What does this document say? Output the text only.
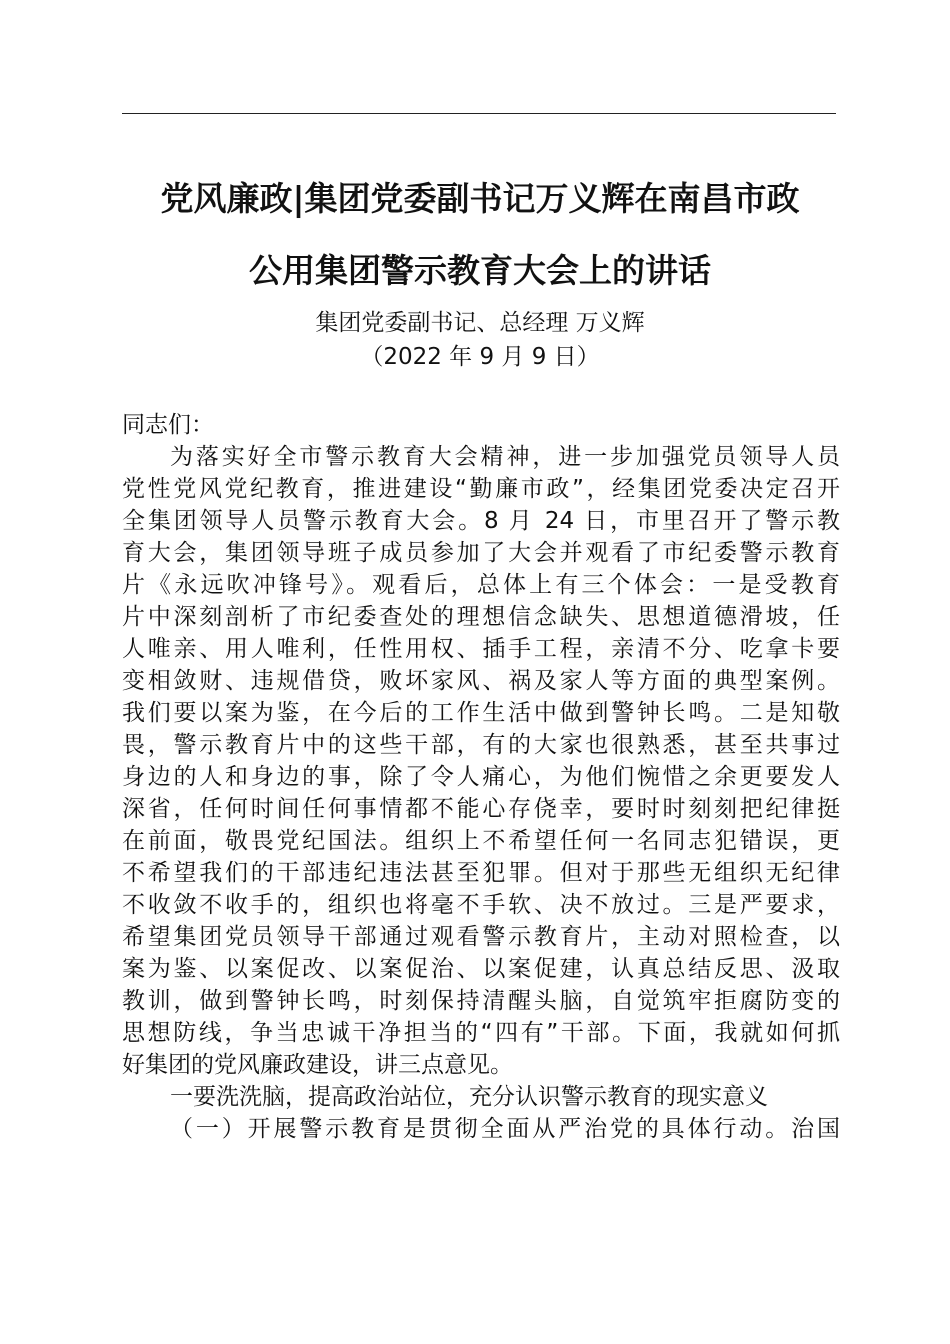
党风廉政|集团党委副书记万义辉在南昌市政
公用集团警示教育大会上的讲话
集团党委副书记、总经理 万义辉
（2022 年 9 月 9 日）
同志们：
为落实好全市警示教育大会精神，进一步加强党员领导人员
党性党风党纪教育，推进建设“勤廉市政”，经集团党委决定召开
全集团领导人员警示教育大会。8 月 24 日，市里召开了警示教
育大会，集团领导班子成员参加了大会并观看了市纪委警示教育
片《永远吹冲锋号》。观看后，总体上有三个体会：一是受教育
片中深刻剖析了市纪委查处的理想信念缺失、思想道德滑坡，任
人唯亲、用人唯利，任性用权、插手工程，亲清不分、吃拿卡要
变相敛财、违规借贷，败坏家风、祸及家人等方面的典型案例。
我们要以案为鉴，在今后的工作生活中做到警钟长鸣。二是知敬
畏，警示教育片中的这些干部，有的大家也很熟悉，甚至共事过
身边的人和身边的事，除了令人痛心，为他们惋惜之余更要发人
深省，任何时间任何事情都不能心存侥幸，要时时刻刻把纪律挺
在前面，敬畏党纪国法。组织上不希望任何一名同志犯错误，更
不希望我们的干部违纪违法甚至犯罪。但对于那些无组织无纪律
不收敛不收手的，组织也将毫不手软、决不放过。三是严要求，
希望集团党员领导干部通过观看警示教育片，主动对照检查，以
案为鉴、以案促改、以案促治、以案促建，认真总结反思、汲取
教训，做到警钟长鸣，时刻保持清醒头脑，自觉筑牢拒腐防变的
思想防线，争当忠诚干净担当的“四有”干部。下面，我就如何抓
好集团的党风廉政建设，讲三点意见。
一要洗洗脑，提高政治站位，充分认识警示教育的现实意义
（一）开展警示教育是贯彻全面从严治党的具体行动。治国
